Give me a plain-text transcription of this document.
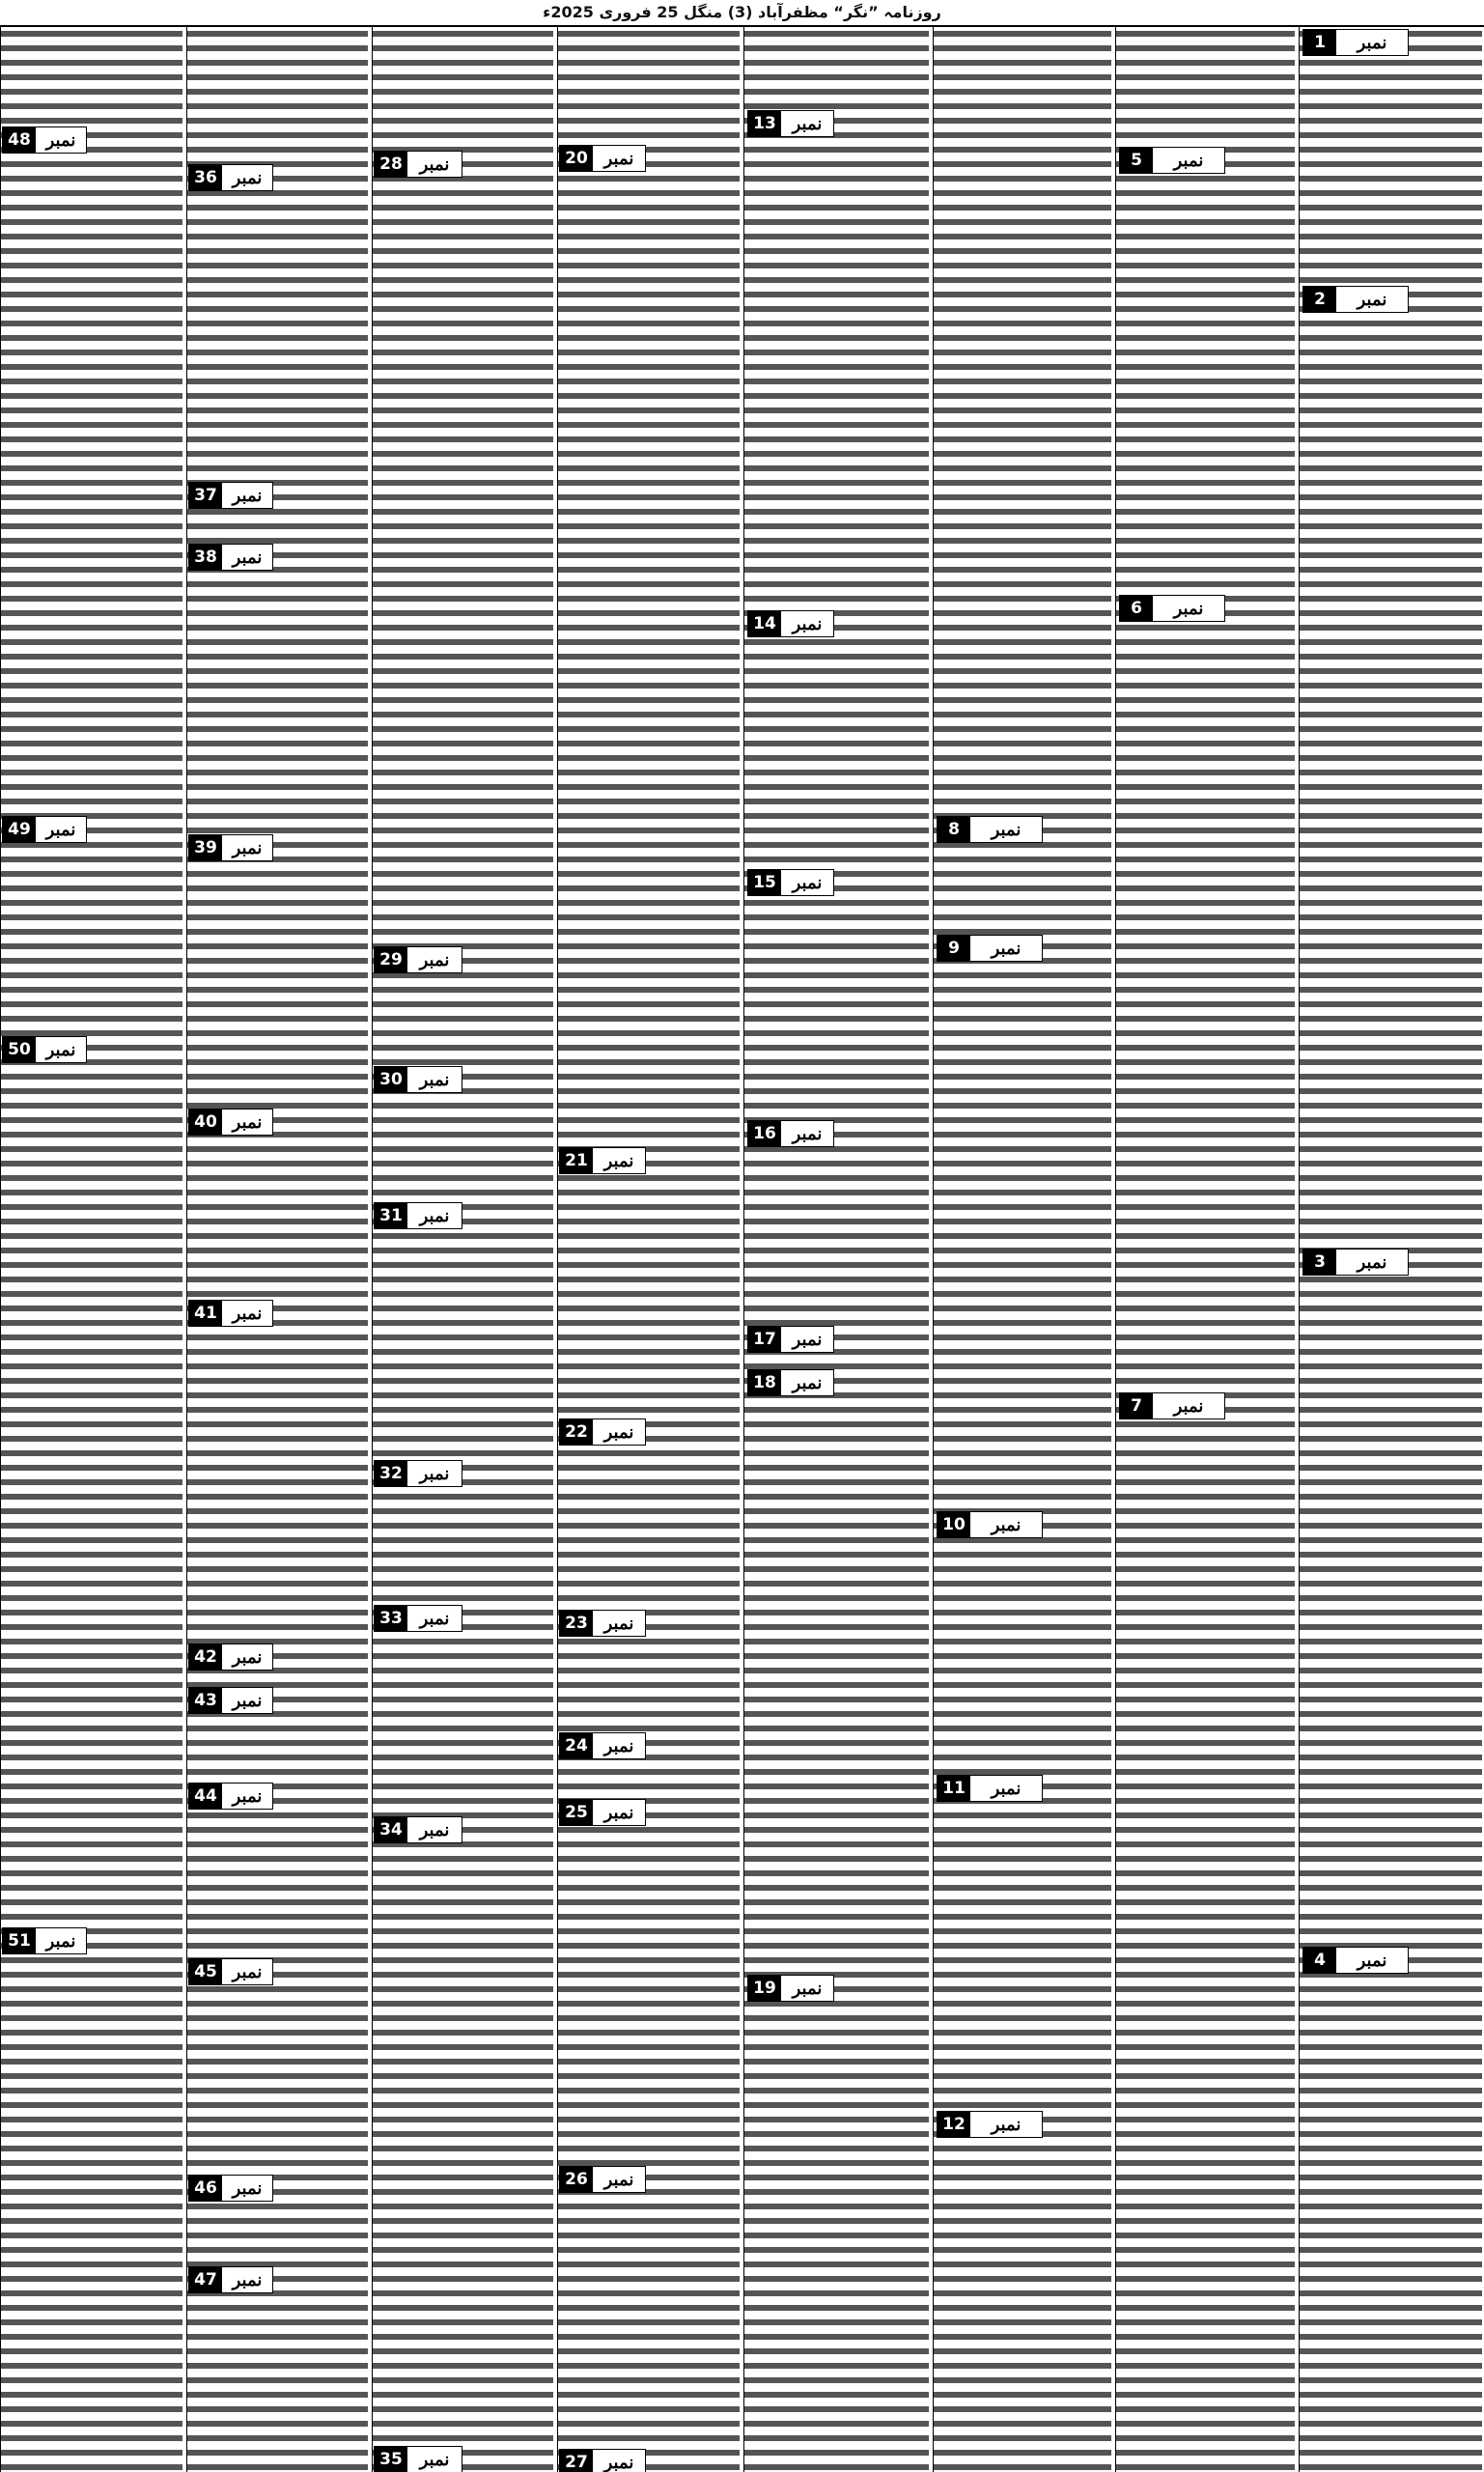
روزنامہ ”نگر“ مظفرآباد (3) منگل 25 فروری 2025ء
1	نمبر
2	نمبر
3	نمبر
4	نمبر
5	نمبر
6	نمبر
7	نمبر
8	نمبر
9	نمبر
10	نمبر
11	نمبر
12	نمبر
13 نمبر
14 نمبر
15 نمبر
16 نمبر
17 نمبر
18 نمبر
19 نمبر
20 نمبر
21 نمبر
22 نمبر
23 نمبر
24 نمبر
25 نمبر
26 نمبر
27 نمبر
28 نمبر
29 نمبر
30 نمبر
31 نمبر
32 نمبر
33 نمبر
34 نمبر
35 نمبر
36 نمبر
37 نمبر
38 نمبر
39 نمبر
40 نمبر
41 نمبر
42 نمبر
43 نمبر
44 نمبر
45 نمبر
46 نمبر
47 نمبر
48 نمبر
49 نمبر
50 نمبر
51 نمبر
